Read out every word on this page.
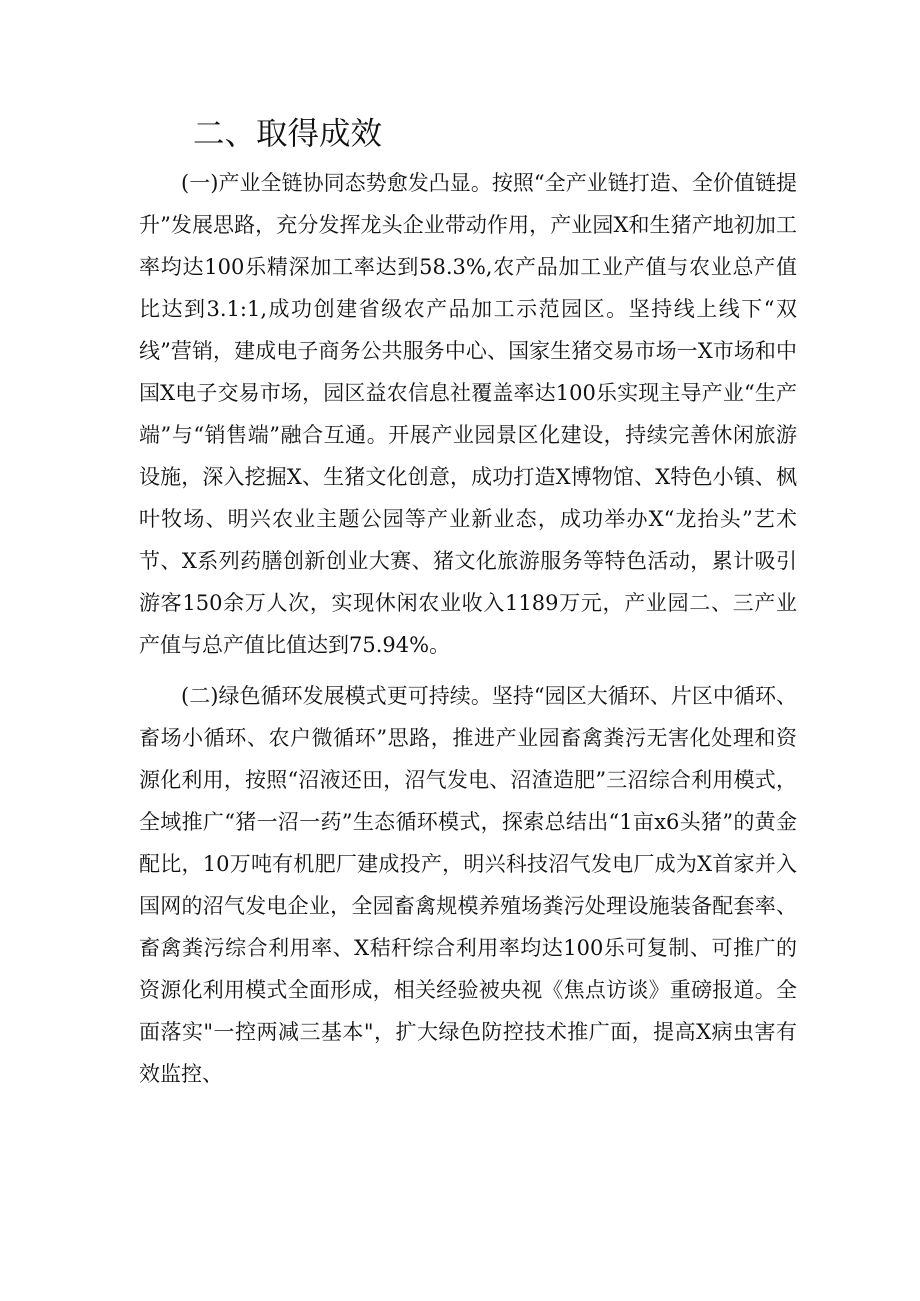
二、取得成效

(一)产业全链协同态势愈发凸显。按照“全产业链打造、全价值链提升”发展思路，充分发挥龙头企业带动作用，产业园X和生猪产地初加工率均达100乐精深加工率达到58.3%,农产品加工业产值与农业总产值比达到3.1:1,成功创建省级农产品加工示范园区。坚持线上线下“双线”营销，建成电子商务公共服务中心、国家生猪交易市场一X市场和中国X电子交易市场，园区益农信息社覆盖率达100乐实现主导产业“生产端”与“销售端”融合互通。开展产业园景区化建设，持续完善休闲旅游设施，深入挖掘X、生猪文化创意，成功打造X博物馆、X特色小镇、枫叶牧场、明兴农业主题公园等产业新业态，成功举办X“龙抬头”艺术节、X系列药膳创新创业大赛、猪文化旅游服务等特色活动，累计吸引游客150余万人次，实现休闲农业收入1189万元，产业园二、三产业产值与总产值比值达到75.94%。

(二)绿色循环发展模式更可持续。坚持“园区大循环、片区中循环、畜场小循环、农户微循环”思路，推进产业园畜禽粪污无害化处理和资源化利用，按照“沼液还田，沼气发电、沼渣造肥”三沼综合利用模式，全域推广“猪一沼一药”生态循环模式，探索总结出“1亩x6头猪”的黄金配比，10万吨有机肥厂建成投产，明兴科技沼气发电厂成为X首家并入国网的沼气发电企业，全园畜禽规模养殖场粪污处理设施装备配套率、畜禽粪污综合利用率、X秸秆综合利用率均达100乐可复制、可推广的资源化利用模式全面形成，相关经验被央视《焦点访谈》重磅报道。全面落实"一控两减三基本"，扩大绿色防控技术推广面，提高X病虫害有效监控、
